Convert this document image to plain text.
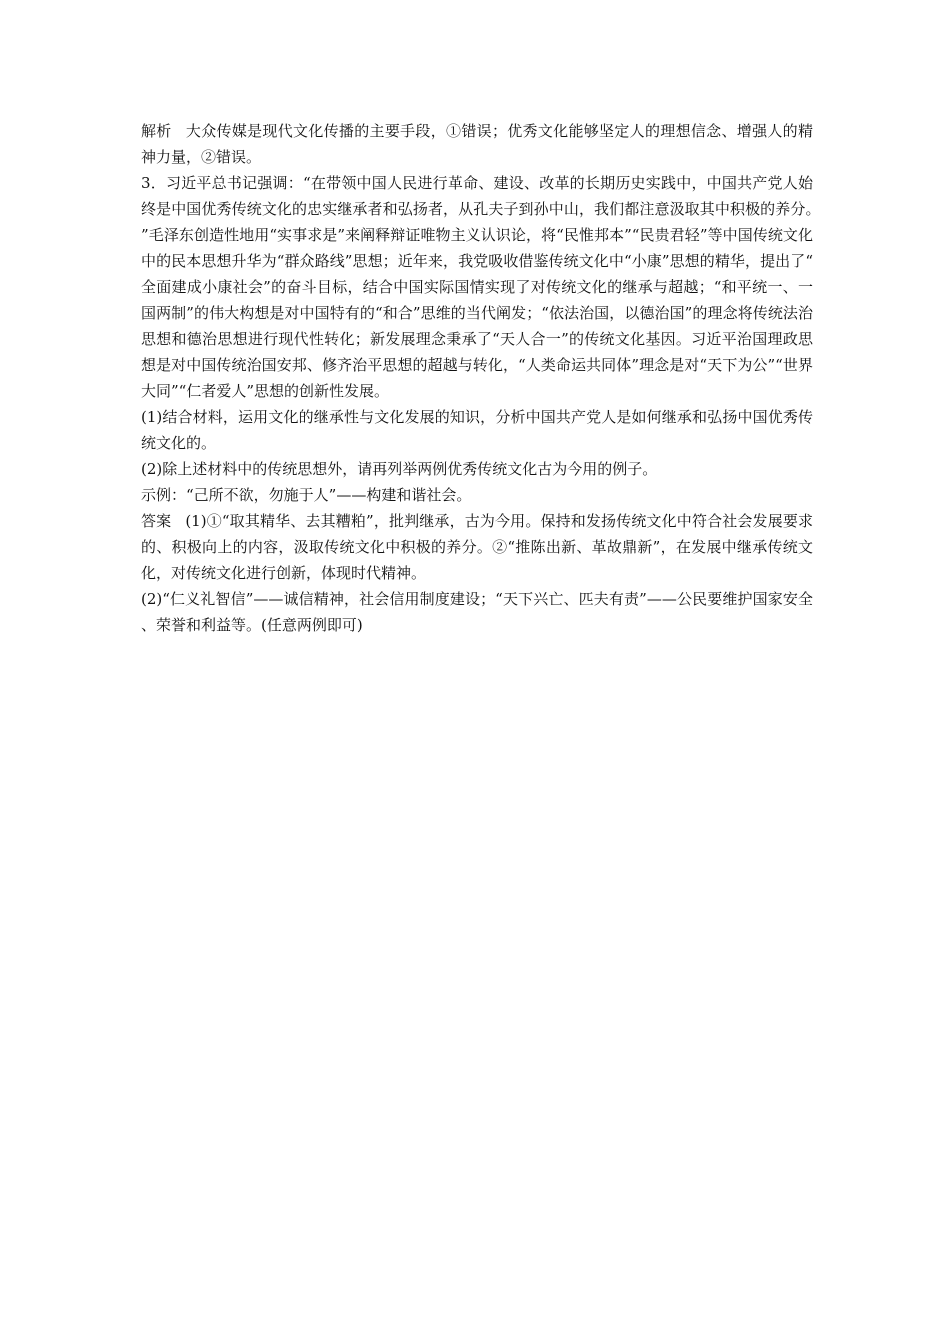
解析 大众传媒是现代文化传播的主要手段，①错误；优秀文化能够坚定人的理想信念、增强人的精神力量，②错误。

3．习近平总书记强调：“在带领中国人民进行革命、建设、改革的长期历史实践中，中国共产党人始终是中国优秀传统文化的忠实继承者和弘扬者，从孔夫子到孙中山，我们都注意汲取其中积极的养分。”毛泽东创造性地用“实事求是”来阐释辩证唯物主义认识论，将“民惟邦本”“民贵君轻”等中国传统文化中的民本思想升华为“群众路线”思想；近年来，我党吸收借鉴传统文化中“小康”思想的精华，提出了“全面建成小康社会”的奋斗目标，结合中国实际国情实现了对传统文化的继承与超越；“和平统一、一国两制”的伟大构想是对中国特有的“和合”思维的当代阐发；“依法治国，以德治国”的理念将传统法治思想和德治思想进行现代性转化；新发展理念秉承了“天人合一”的传统文化基因。习近平治国理政思想是对中国传统治国安邦、修齐治平思想的超越与转化，“人类命运共同体”理念是对“天下为公”“世界大同”“仁者爱人”思想的创新性发展。

(1)结合材料，运用文化的继承性与文化发展的知识，分析中国共产党人是如何继承和弘扬中国优秀传统文化的。

(2)除上述材料中的传统思想外，请再列举两例优秀传统文化古为今用的例子。

示例：“己所不欲，勿施于人”——构建和谐社会。

答案 (1)①“取其精华、去其糟粕”，批判继承，古为今用。保持和发扬传统文化中符合社会发展要求的、积极向上的内容，汲取传统文化中积极的养分。②“推陈出新、革故鼎新”，在发展中继承传统文化，对传统文化进行创新，体现时代精神。

(2)“仁义礼智信”——诚信精神，社会信用制度建设；“天下兴亡、匹夫有责”——公民要维护国家安全、荣誉和利益等。(任意两例即可)
